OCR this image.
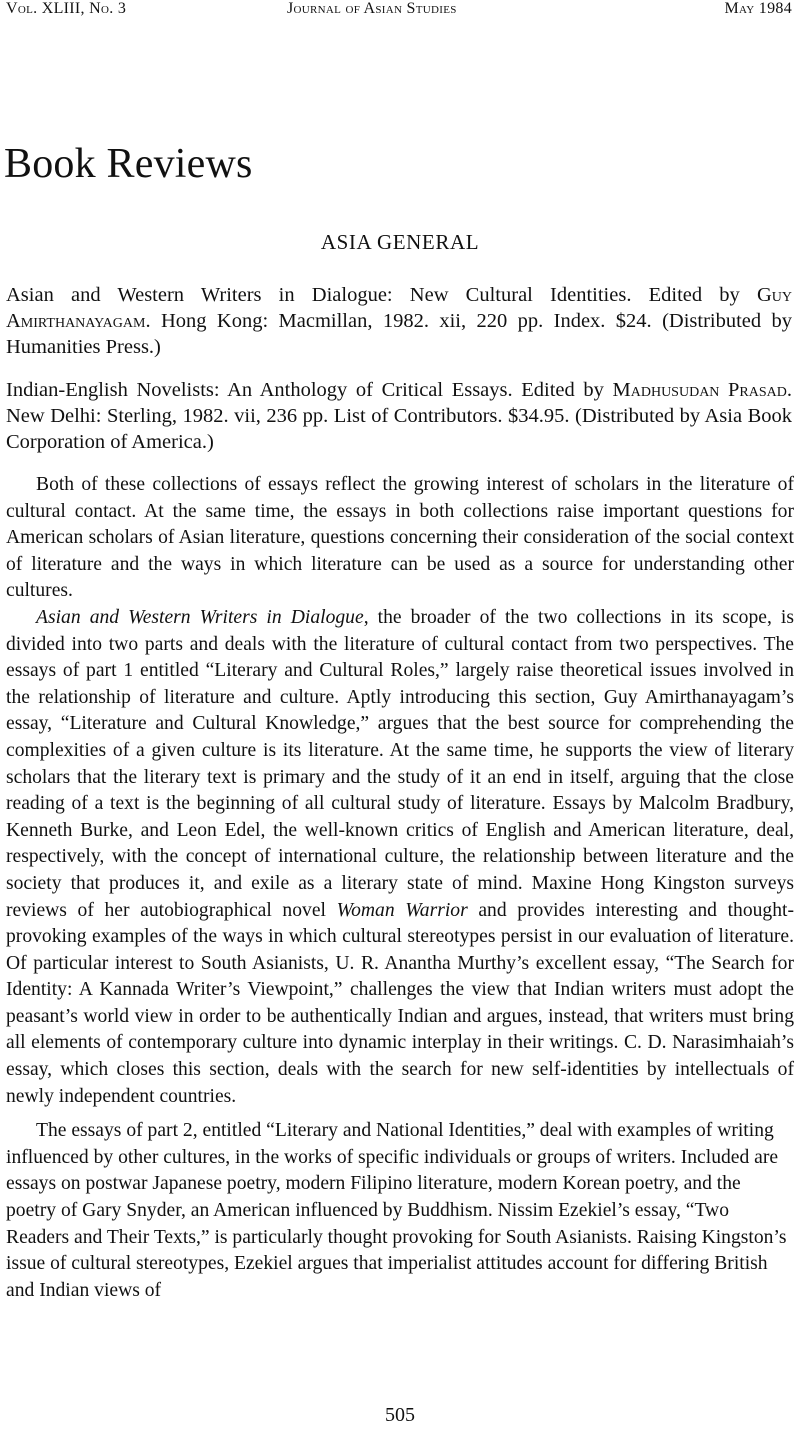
Vol. XLIII, No. 3	Journal of Asian Studies	May 1984
Book Reviews
ASIA GENERAL
Asian and Western Writers in Dialogue: New Cultural Identities. Edited by Guy Amirthanayagam. Hong Kong: Macmillan, 1982. xii, 220 pp. Index. $24. (Distributed by Humanities Press.)
Indian-English Novelists: An Anthology of Critical Essays. Edited by Madhusudan Prasad. New Delhi: Sterling, 1982. vii, 236 pp. List of Contributors. $34.95. (Distributed by Asia Book Corporation of America.)

Both of these collections of essays reflect the growing interest of scholars in the literature of cultural contact. At the same time, the essays in both collections raise important questions for American scholars of Asian literature, questions concerning their consideration of the social context of literature and the ways in which literature can be used as a source for understanding other cultures.

Asian and Western Writers in Dialogue, the broader of the two collections in its scope, is divided into two parts and deals with the literature of cultural contact from two perspectives. The essays of part 1 entitled “Literary and Cultural Roles,” largely raise theoretical issues involved in the relationship of literature and culture. Aptly introducing this section, Guy Amirthanayagam’s essay, “Literature and Cultural Knowledge,” argues that the best source for comprehending the complexities of a given culture is its literature. At the same time, he supports the view of literary scholars that the literary text is primary and the study of it an end in itself, arguing that the close reading of a text is the beginning of all cultural study of literature. Essays by Malcolm Bradbury, Kenneth Burke, and Leon Edel, the well-known critics of English and American literature, deal, respectively, with the concept of international culture, the relationship between literature and the society that produces it, and exile as a literary state of mind. Maxine Hong Kingston surveys reviews of her autobiographical novel Woman Warrior and provides interesting and thought-provoking examples of the ways in which cultural stereotypes persist in our evaluation of literature. Of particular interest to South Asianists, U. R. Anantha Murthy’s excellent essay, “The Search for Identity: A Kannada Writer’s Viewpoint,” challenges the view that Indian writers must adopt the peasant’s world view in order to be authentically Indian and argues, instead, that writers must bring all elements of contemporary culture into dynamic interplay in their writings. C. D. Narasimhaiah’s essay, which closes this section, deals with the search for new self-identities by intellectuals of newly independent countries.

The essays of part 2, entitled “Literary and National Identities,” deal with examples of writing influenced by other cultures, in the works of specific individuals or groups of writers. Included are essays on postwar Japanese poetry, modern Filipino literature, modern Korean poetry, and the poetry of Gary Snyder, an American influenced by Buddhism. Nissim Ezekiel’s essay, “Two Readers and Their Texts,” is particularly thought provoking for South Asianists. Raising Kingston’s issue of cultural stereotypes, Ezekiel argues that imperialist attitudes account for differing British and Indian views of

505
